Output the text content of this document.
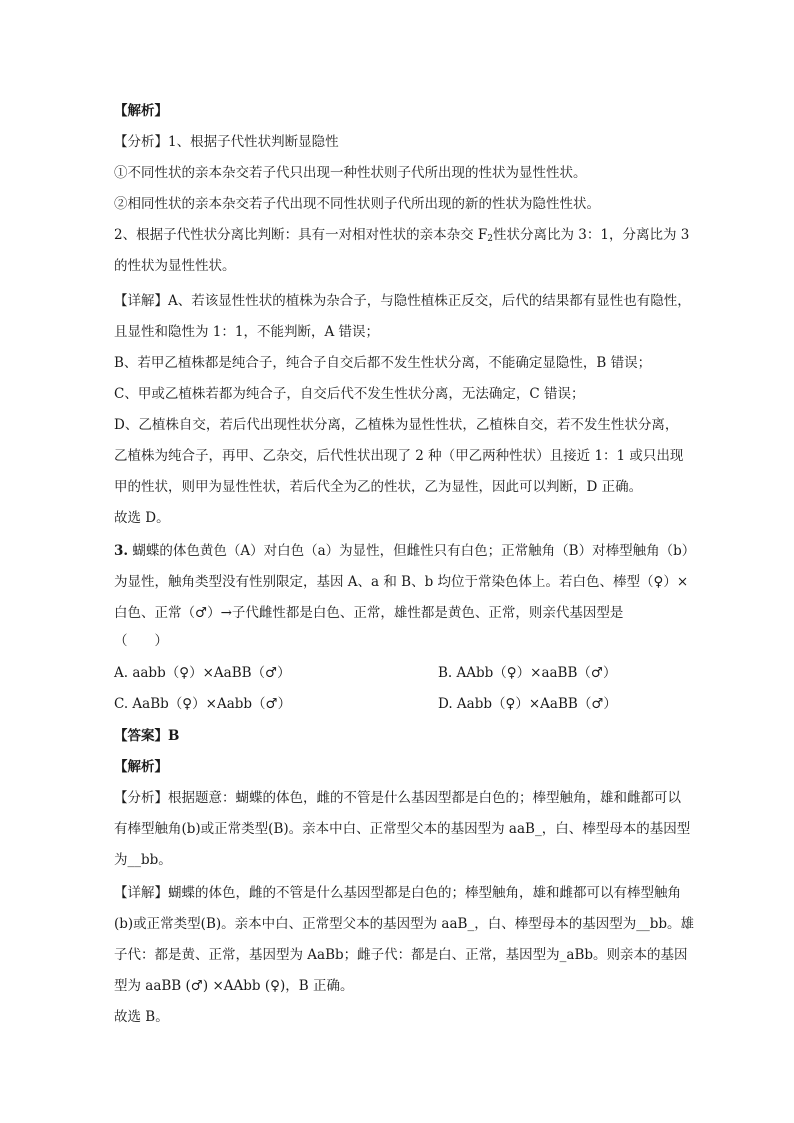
【解析】
【分析】1、根据子代性状判断显隐性
①不同性状的亲本杂交若子代只出现一种性状则子代所出现的性状为显性性状。
②相同性状的亲本杂交若子代出现不同性状则子代所出现的新的性状为隐性性状。
2、根据子代性状分离比判断：具有一对相对性状的亲本杂交 $F_2$性状分离比为 3：1，分离比为 3
的性状为显性性状。
【详解】A、若该显性性状的植株为杂合子，与隐性植株正反交，后代的结果都有显性也有隐性，
且显性和隐性为 1：1，不能判断，A 错误；
B、若甲乙植株都是纯合子，纯合子自交后都不发生性状分离，不能确定显隐性，B 错误；
C、甲或乙植株若都为纯合子，自交后代不发生性状分离，无法确定，C 错误；
D、乙植株自交，若后代出现性状分离，乙植株为显性性状，乙植株自交，若不发生性状分离，
乙植株为纯合子，再甲、乙杂交，后代性状出现了 2 种（甲乙两种性状）且接近 1：1 或只出现
甲的性状，则甲为显性性状，若后代全为乙的性状，乙为显性，因此可以判断，D 正确。
故选 D。
3. 蝴蝶的体色黄色（A）对白色（a）为显性，但雌性只有白色；正常触角（B）对棒型触角（b）
为显性，触角类型没有性别限定，基因 A、a 和 B、b 均位于常染色体上。若白色、棒型（♀）×
白色、正常（♂）→子代雌性都是白色、正常，雄性都是黄色、正常，则亲代基因型是
（　　）
A. aabb（♀）×AaBB（♂）	B. AAbb（♀）×aaBB（♂）
C. AaBb（♀）×Aabb（♂）	D. Aabb（♀）×AaBB（♂）
【答案】B
【解析】
【分析】根据题意：蝴蝶的体色，雌的不管是什么基因型都是白色的；棒型触角，雄和雌都可以
有棒型触角(b)或正常类型(B)。亲本中白、正常型父本的基因型为 aaB_，白、棒型母本的基因型
为__bb。
【详解】蝴蝶的体色，雌的不管是什么基因型都是白色的；棒型触角，雄和雌都可以有棒型触角
(b)或正常类型(B)。亲本中白、正常型父本的基因型为 aaB_，白、棒型母本的基因型为__bb。雄
子代：都是黄、正常，基因型为 AaBb；雌子代：都是白、正常，基因型为_aBb。则亲本的基因
型为 aaBB (♂) ×AAbb (♀)，B 正确。
故选 B。
